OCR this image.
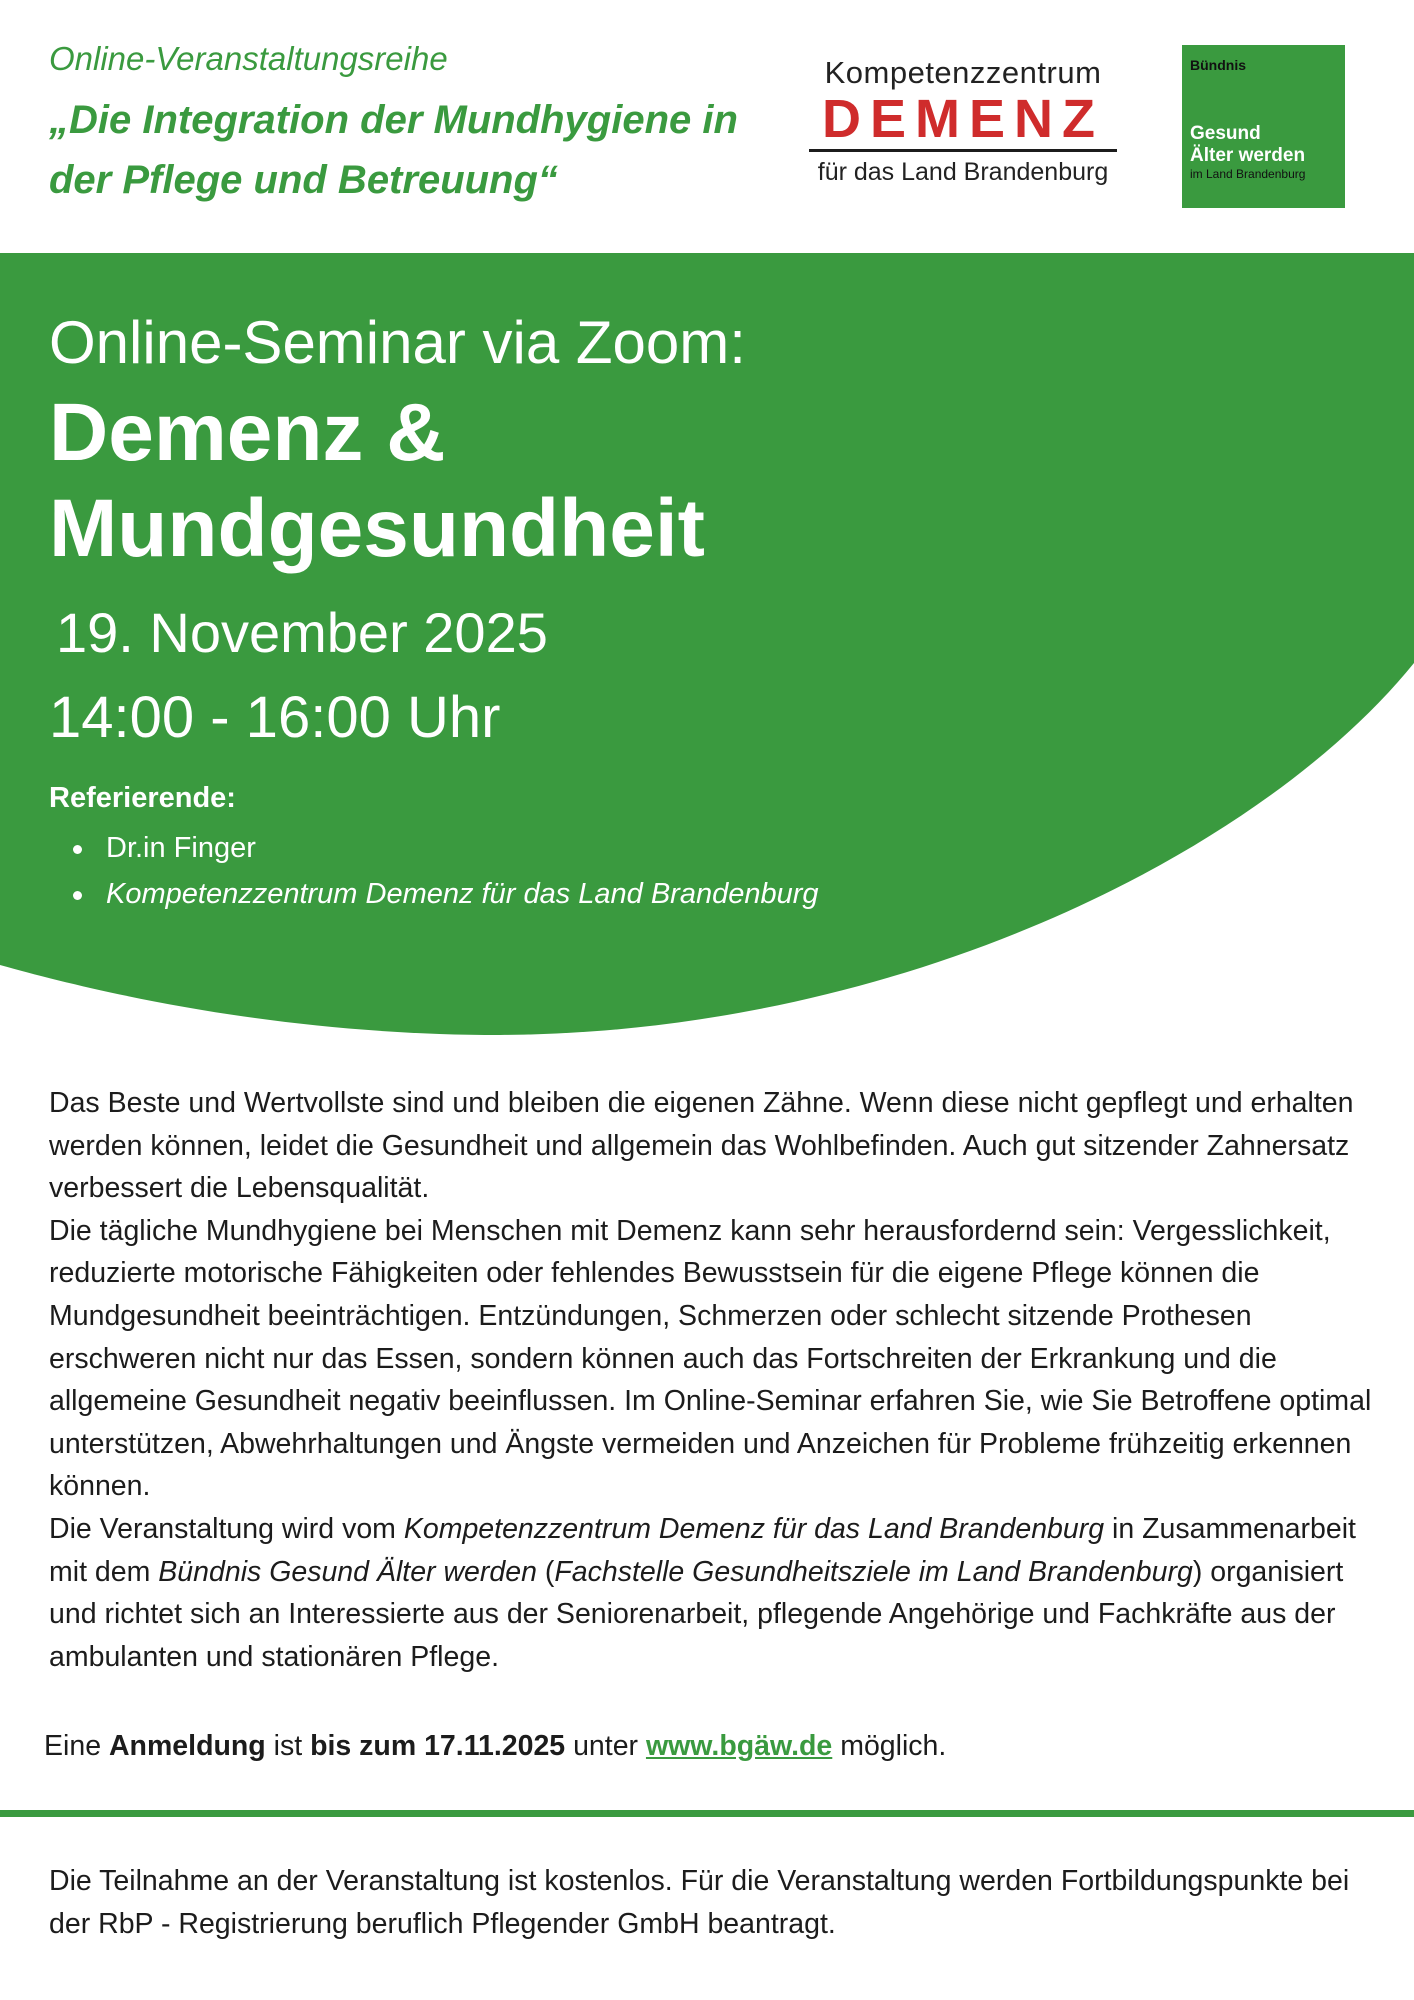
Online-Veranstaltungsreihe
„Die Integration der Mundhygiene in der Pflege und Betreuung“
Kompetenzzentrum
DEMENZ
für das Land Brandenburg
Bündnis
Gesund
Älter werden
im Land Brandenburg
Online-Seminar via Zoom:
Demenz &
Mundgesundheit
19. November 2025
14:00 - 16:00 Uhr
Referierende:
Dr.in Finger
Kompetenzzentrum Demenz für das Land Brandenburg

Das Beste und Wertvollste sind und bleiben die eigenen Zähne. Wenn diese nicht gepflegt und erhalten werden können, leidet die Gesundheit und allgemein das Wohlbefinden. Auch gut sitzender Zahnersatz verbessert die Lebensqualität.

Die tägliche Mundhygiene bei Menschen mit Demenz kann sehr herausfordernd sein: Vergesslichkeit, reduzierte motorische Fähigkeiten oder fehlendes Bewusstsein für die eigene Pflege können die Mundgesundheit beeinträchtigen. Entzündungen, Schmerzen oder schlecht sitzende Prothesen erschweren nicht nur das Essen, sondern können auch das Fortschreiten der Erkrankung und die allgemeine Gesundheit negativ beeinflussen. Im Online-Seminar erfahren Sie, wie Sie Betroffene optimal unterstützen, Abwehrhaltungen und Ängste vermeiden und Anzeichen für Probleme frühzeitig erkennen können.

Die Veranstaltung wird vom Kompetenzzentrum Demenz für das Land Brandenburg in Zusammenarbeit mit dem Bündnis Gesund Älter werden (Fachstelle Gesundheitsziele im Land Brandenburg) organisiert und richtet sich an Interessierte aus der Seniorenarbeit, pflegende Angehörige und Fachkräfte aus der ambulanten und stationären Pflege.

Eine Anmeldung ist bis zum 17.11.2025 unter www.bgäw.de möglich.
Die Teilnahme an der Veranstaltung ist kostenlos. Für die Veranstaltung werden Fortbildungspunkte bei der RbP - Registrierung beruflich Pflegender GmbH beantragt.
